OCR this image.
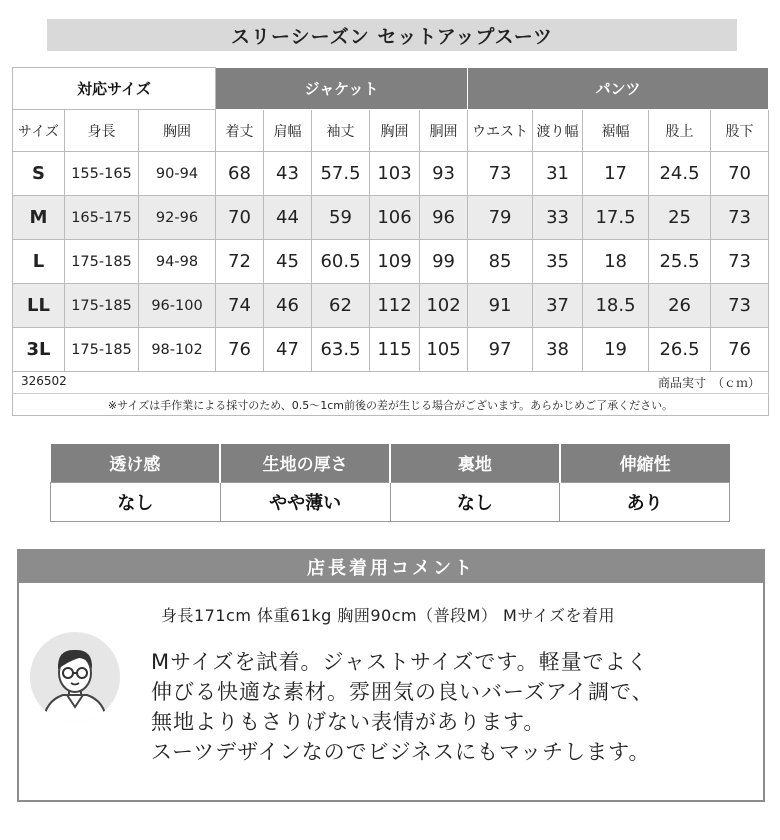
スリーシーズン セットアップスーツ
対応サイズ			ジャケット					パンツ				
サイズ	身長	胸囲	着丈	肩幅	袖丈	胸囲	胴囲	ウエスト	渡り幅	裾幅	股上	股下
S	155-165	90-94	68	43	57.5	103	93	73	31	17	24.5	70
M	165-175	92-96	70	44	59	106	96	79	33	17.5	25	73
L	175-185	94-98	72	45	60.5	109	99	85	35	18	25.5	73
LL	175-185	96-100	74	46	62	112	102	91	37	18.5	26	73
3L	175-185	98-102	76	47	63.5	115	105	97	38	19	26.5	76

326502 商品実寸　（ｃｍ）												

※サイズは手作業による採寸のため、0.5～1cm前後の差が生じる場合がございます。あらかじめご了承ください。												
透け感	生地の厚さ	裏地	伸縮性
なし	やや薄い	なし	あり
店長着用コメント
身長171cm 体重61kg 胸囲90cm（普段M） Mサイズを着用
Mサイズを試着。ジャストサイズです。軽量でよく
伸びる快適な素材。雰囲気の良いバーズアイ調で、
無地よりもさりげない表情があります。
スーツデザインなのでビジネスにもマッチします。
